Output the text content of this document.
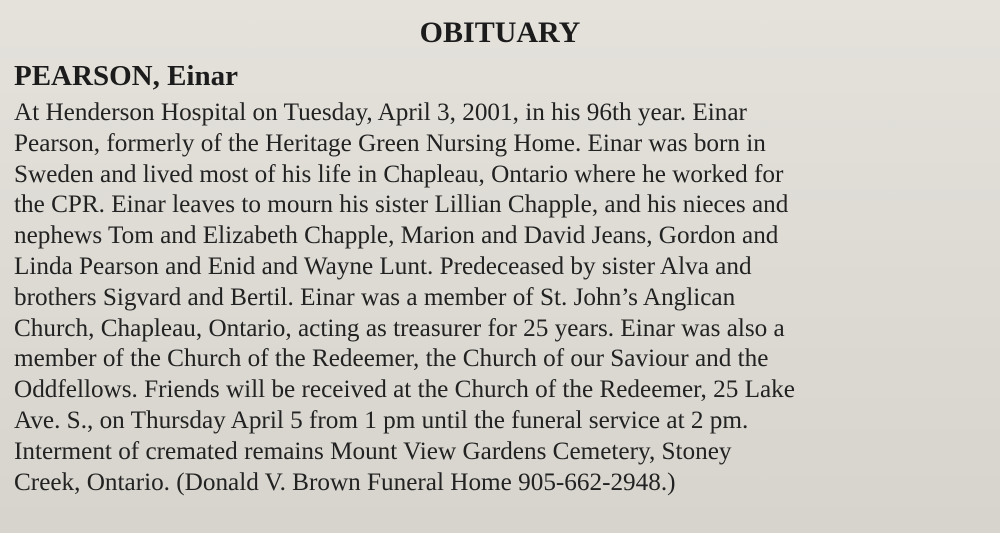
OBITUARY
PEARSON, Einar

At Henderson Hospital on Tuesday, April 3, 2001, in his 96th year. Einar
Pearson, formerly of the Heritage Green Nursing Home. Einar was born in
Sweden and lived most of his life in Chapleau, Ontario where he worked for
the CPR. Einar leaves to mourn his sister Lillian Chapple, and his nieces and
nephews Tom and Elizabeth Chapple, Marion and David Jeans, Gordon and
Linda Pearson and Enid and Wayne Lunt. Predeceased by sister Alva and
brothers Sigvard and Bertil. Einar was a member of St. John’s Anglican
Church, Chapleau, Ontario, acting as treasurer for 25 years. Einar was also a
member of the Church of the Redeemer, the Church of our Saviour and the
Oddfellows. Friends will be received at the Church of the Redeemer, 25 Lake
Ave. S., on Thursday April 5 from 1 pm until the funeral service at 2 pm.
Interment of cremated remains Mount View Gardens Cemetery, Stoney
Creek, Ontario. (Donald V. Brown Funeral Home 905-662-2948.)
